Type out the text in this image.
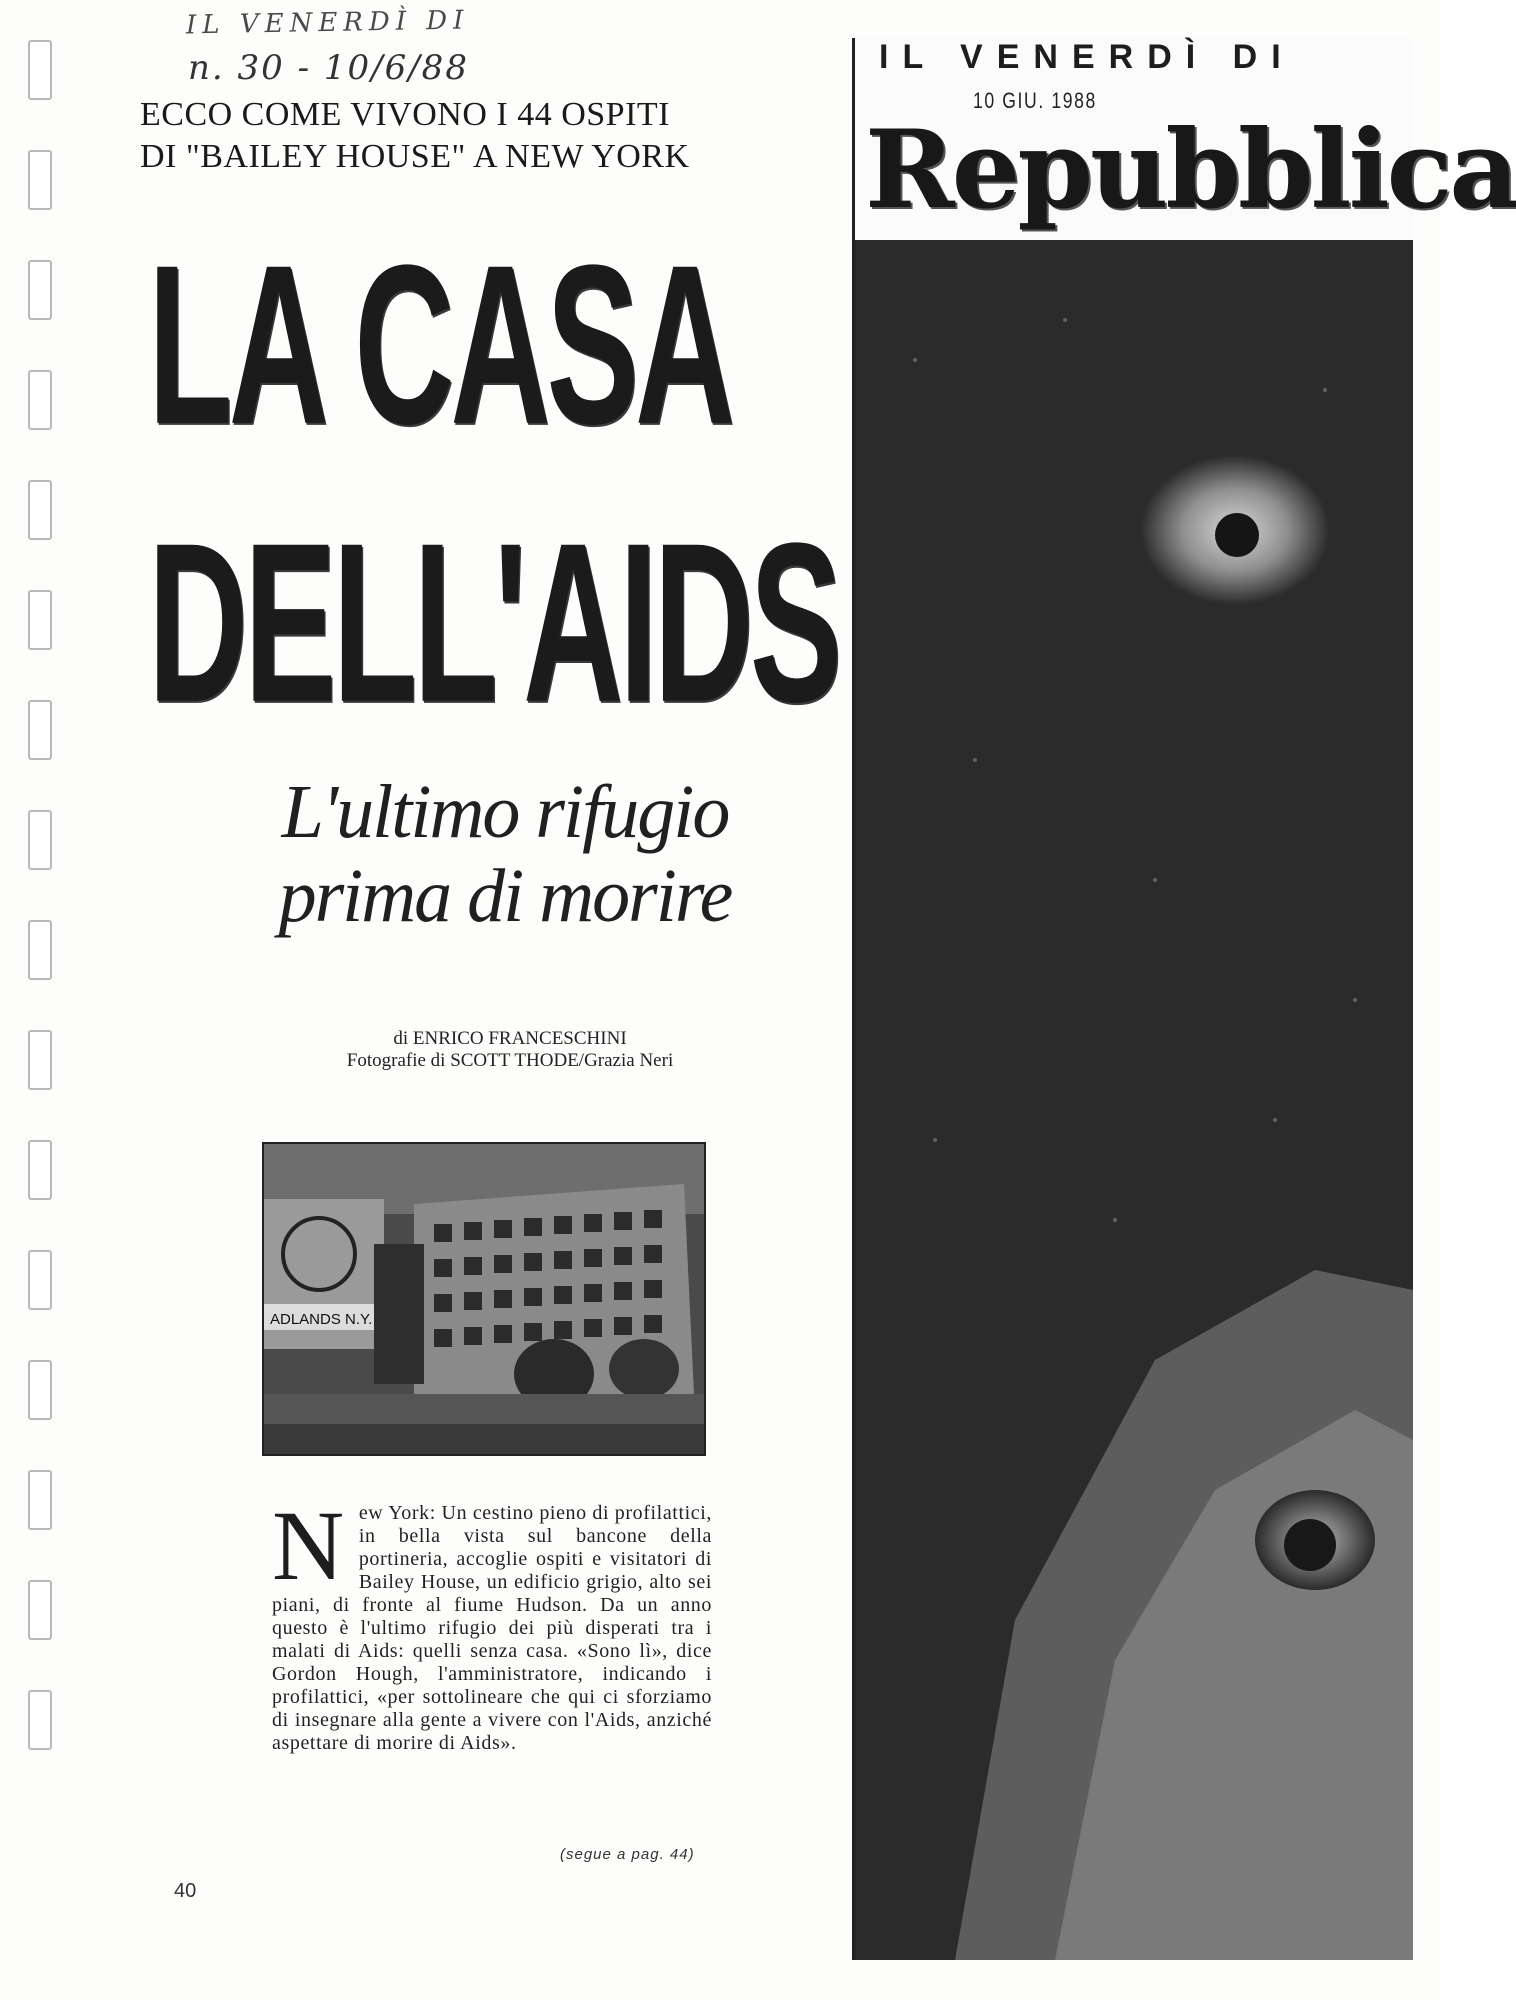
IL VENERDÌ DI
n. 30 - 10/6/88
ECCO COME VIVONO I 44 OSPITI
DI "BAILEY HOUSE" A NEW YORK
LA CASA
DELL'AIDS
L'ultimo rifugio
prima di morire
di ENRICO FRANCESCHINI
Fotografie di SCOTT THODE/Grazia Neri
ADLANDS N.Y.
New York: Un cestino pieno di profilattici, in bella vista sul bancone della portineria, accoglie ospiti e visitatori di Bailey House, un edificio grigio, alto sei piani, di fronte al fiume Hudson. Da un anno questo è l'ultimo rifugio dei più disperati tra i malati di Aids: quelli senza casa. «Sono lì», dice Gordon Hough, l'amministratore, indicando i profilattici, «per sottolineare che qui ci sforziamo di insegnare alla gente a vivere con l'Aids, anziché aspettare di morire di Aids».
(segue a pag. 44)
40
IL VENERDÌ DI
10 GIU. 1988
Repubblica
